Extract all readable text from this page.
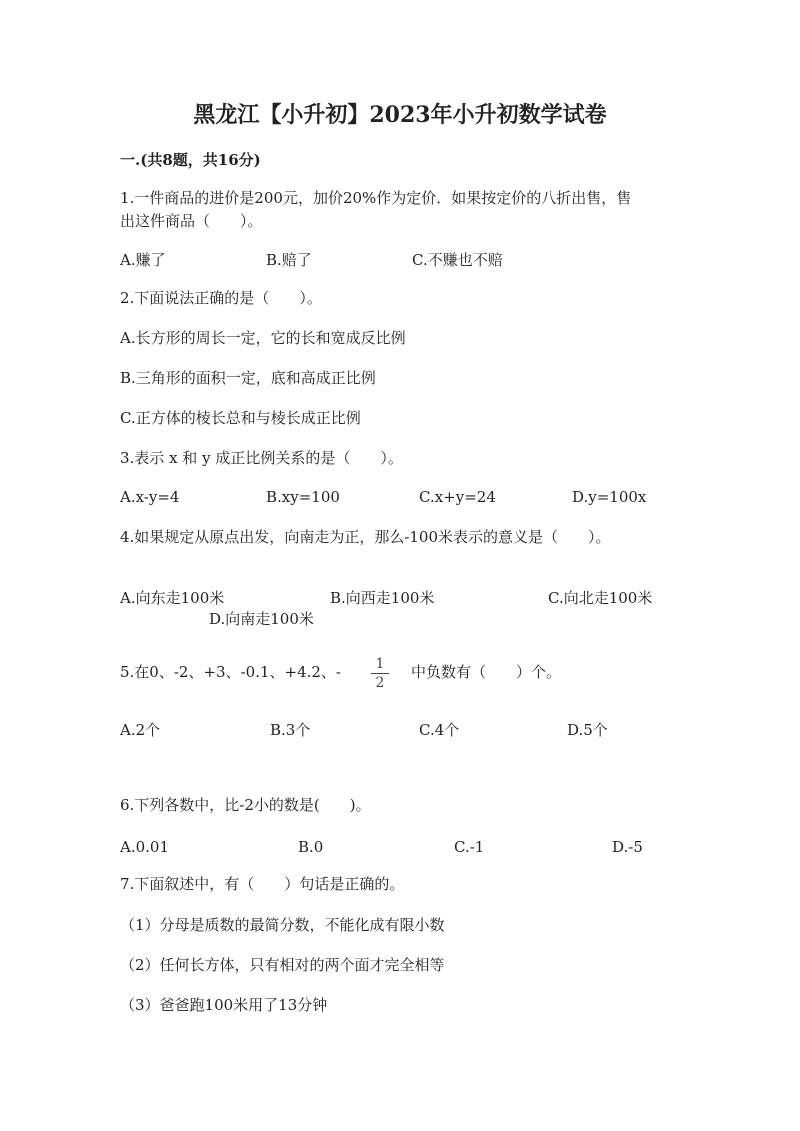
黑龙江【小升初】2023年小升初数学试卷
一.(共8题，共16分)
1.一件商品的进价是200元，加价20%作为定价．如果按定价的八折出售，售
出这件商品（　　）。
A.赚了	B.赔了	C.不赚也不赔
2.下面说法正确的是（　　）。
A.长方形的周长一定，它的长和宽成反比例
B.三角形的面积一定，底和高成正比例
C.正方体的棱长总和与棱长成正比例
3.表示 x 和 y 成正比例关系的是（　　）。
A.x-y=4	B.xy=100	C.x+y=24	D.y=100x
4.如果规定从原点出发，向南走为正，那么-100米表示的意义是（　　）。
A.向东走100米	B.向西走100米	C.向北走100米
D.向南走100米
5.在0、-2、+3、-0.1、+4.2、-	1
2
中负数有（　　）个。
A.2个	B.3个	C.4个	D.5个
6.下列各数中，比-2小的数是(　　)。
A.0.01	B.0	C.-1	D.-5
7.下面叙述中，有（　　）句话是正确的。
（1）分母是质数的最简分数，不能化成有限小数
（2）任何长方体，只有相对的两个面才完全相等
（3）爸爸跑100米用了13分钟
